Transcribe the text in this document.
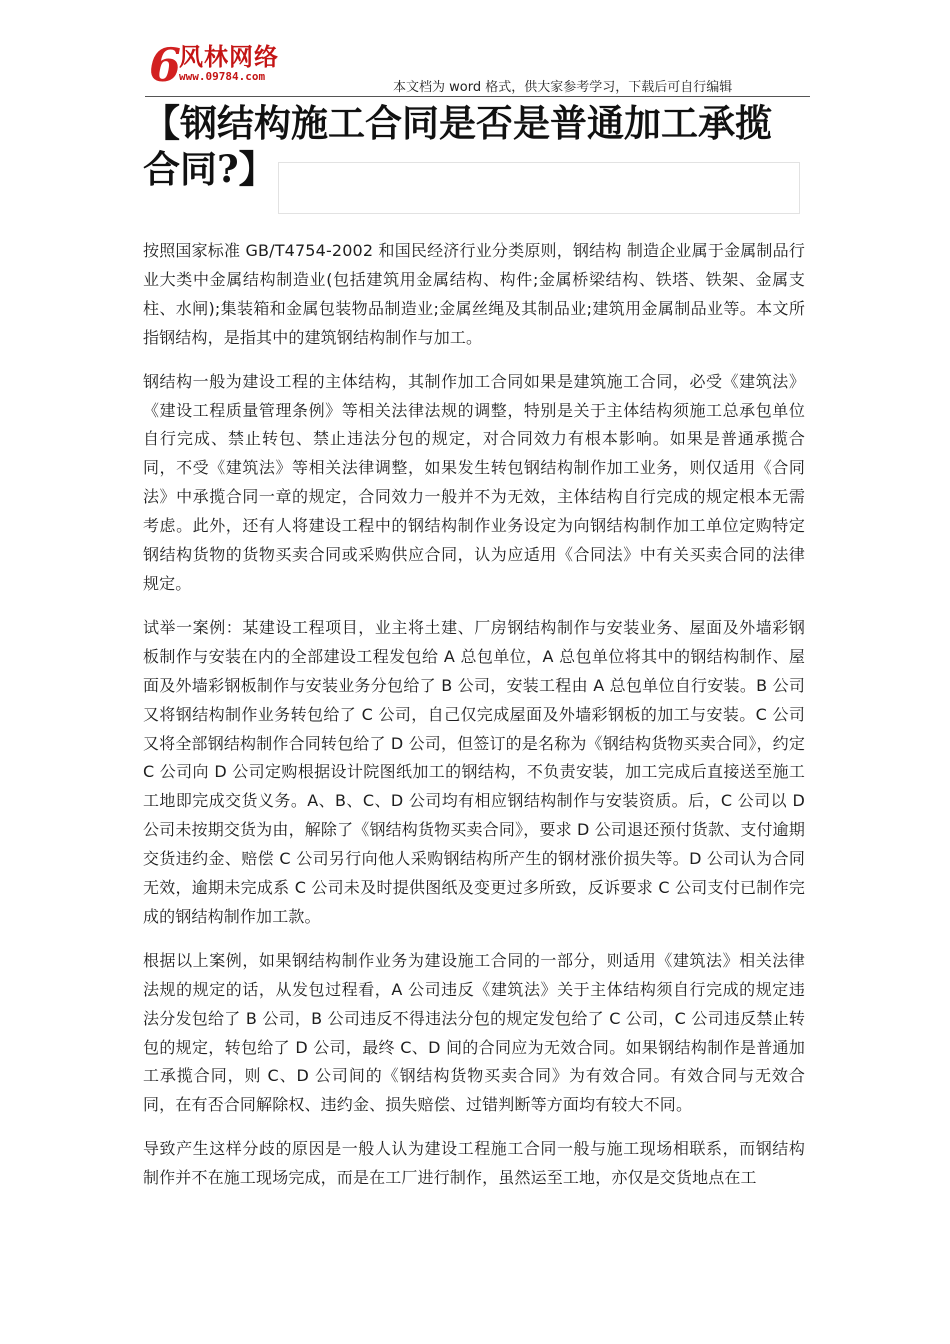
6
风林网络
www.09784.com
本文档为 word 格式，供大家参考学习，下载后可自行编辑
【钢结构施工合同是否是普通加工承揽合同?】

按照国家标准 GB/T4754-2002 和国民经济行业分类原则，钢结构 制造企业属于金属制品行业大类中金属结构制造业(包括建筑用金属结构、构件;金属桥梁结构、铁塔、铁架、金属支柱、水闸);集装箱和金属包装物品制造业;金属丝绳及其制品业;建筑用金属制品业等。本文所指钢结构，是指其中的建筑钢结构制作与加工。

钢结构一般为建设工程的主体结构，其制作加工合同如果是建筑施工合同，必受《建筑法》《建设工程质量管理条例》等相关法律法规的调整，特别是关于主体结构须施工总承包单位自行完成、禁止转包、禁止违法分包的规定，对合同效力有根本影响。如果是普通承揽合同，不受《建筑法》等相关法律调整，如果发生转包钢结构制作加工业务，则仅适用《合同法》中承揽合同一章的规定，合同效力一般并不为无效，主体结构自行完成的规定根本无需考虑。此外，还有人将建设工程中的钢结构制作业务设定为向钢结构制作加工单位定购特定钢结构货物的货物买卖合同或采购供应合同，认为应适用《合同法》中有关买卖合同的法律规定。

试举一案例：某建设工程项目，业主将土建、厂房钢结构制作与安装业务、屋面及外墙彩钢板制作与安装在内的全部建设工程发包给 A 总包单位，A 总包单位将其中的钢结构制作、屋面及外墙彩钢板制作与安装业务分包给了 B 公司，安装工程由 A 总包单位自行安装。B 公司又将钢结构制作业务转包给了 C 公司，自己仅完成屋面及外墙彩钢板的加工与安装。C 公司又将全部钢结构制作合同转包给了 D 公司，但签订的是名称为《钢结构货物买卖合同》，约定 C 公司向 D 公司定购根据设计院图纸加工的钢结构，不负责安装，加工完成后直接送至施工工地即完成交货义务。A、B、C、D 公司均有相应钢结构制作与安装资质。后，C 公司以 D 公司未按期交货为由，解除了《钢结构货物买卖合同》，要求 D 公司退还预付货款、支付逾期交货违约金、赔偿 C 公司另行向他人采购钢结构所产生的钢材涨价损失等。D 公司认为合同无效，逾期未完成系 C 公司未及时提供图纸及变更过多所致，反诉要求 C 公司支付已制作完成的钢结构制作加工款。

根据以上案例，如果钢结构制作业务为建设施工合同的一部分，则适用《建筑法》相关法律法规的规定的话，从发包过程看，A 公司违反《建筑法》关于主体结构须自行完成的规定违法分发包给了 B 公司，B 公司违反不得违法分包的规定发包给了 C 公司，C 公司违反禁止转包的规定，转包给了 D 公司，最终 C、D 间的合同应为无效合同。如果钢结构制作是普通加工承揽合同，则 C、D 公司间的《钢结构货物买卖合同》为有效合同。有效合同与无效合同，在有否合同解除权、违约金、损失赔偿、过错判断等方面均有较大不同。

导致产生这样分歧的原因是一般人认为建设工程施工合同一般与施工现场相联系，而钢结构制作并不在施工现场完成，而是在工厂进行制作，虽然运至工地，亦仅是交货地点在工
